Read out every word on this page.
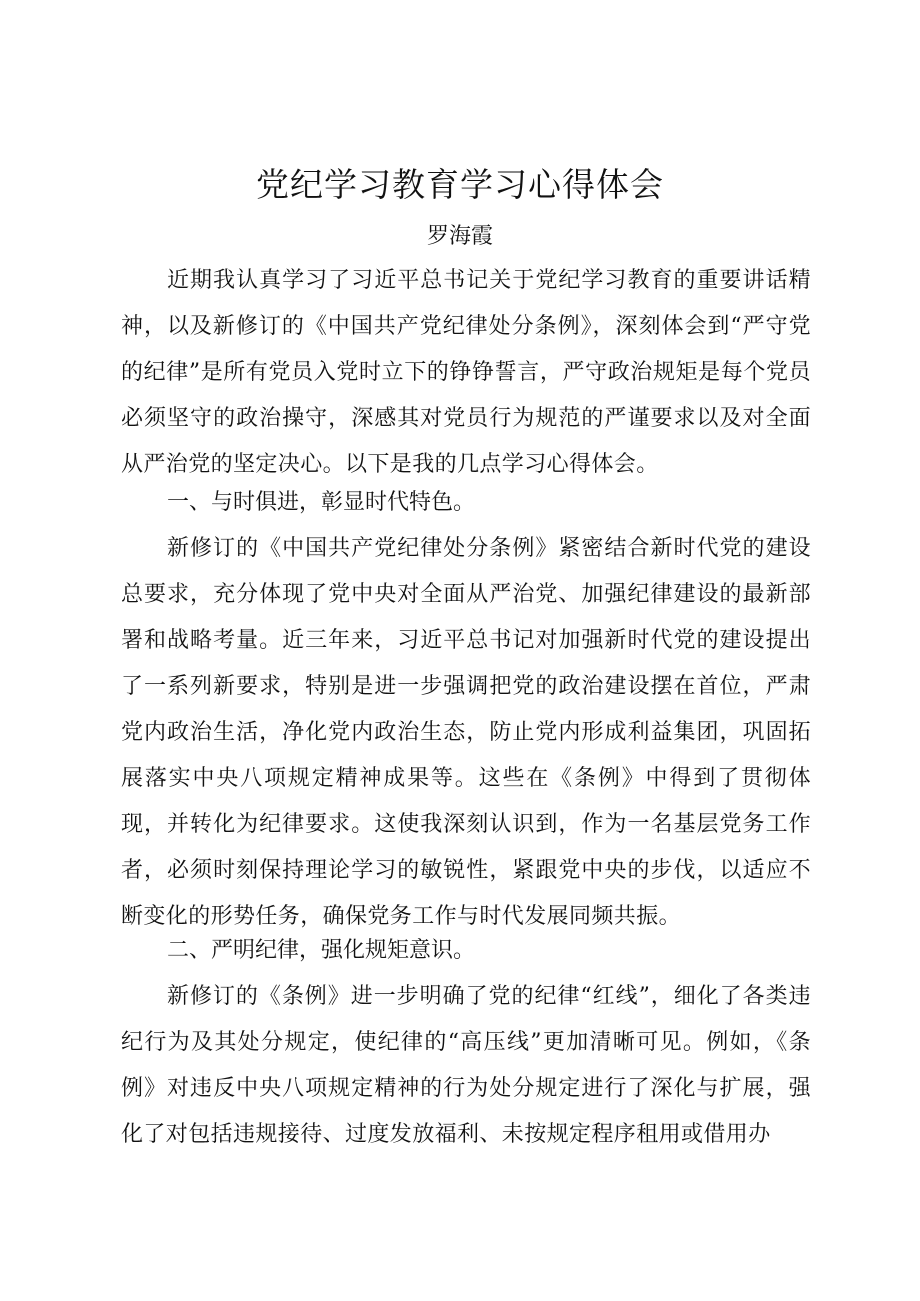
党纪学习教育学习心得体会

罗海霞

近期我认真学习了习近平总书记关于党纪学习教育的重要讲话精神，以及新修订的《中国共产党纪律处分条例》，深刻体会到“严守党的纪律”是所有党员入党时立下的铮铮誓言，严守政治规矩是每个党员必须坚守的政治操守，深感其对党员行为规范的严谨要求以及对全面从严治党的坚定决心。以下是我的几点学习心得体会。

一、与时俱进，彰显时代特色。

新修订的《中国共产党纪律处分条例》紧密结合新时代党的建设总要求，充分体现了党中央对全面从严治党、加强纪律建设的最新部署和战略考量。近三年来，习近平总书记对加强新时代党的建设提出了一系列新要求，特别是进一步强调把党的政治建设摆在首位，严肃党内政治生活，净化党内政治生态，防止党内形成利益集团，巩固拓展落实中央八项规定精神成果等。这些在《条例》中得到了贯彻体现，并转化为纪律要求。这使我深刻认识到，作为一名基层党务工作者，必须时刻保持理论学习的敏锐性，紧跟党中央的步伐，以适应不断变化的形势任务，确保党务工作与时代发展同频共振。

二、严明纪律，强化规矩意识。

新修订的《条例》进一步明确了党的纪律“红线”，细化了各类违纪行为及其处分规定，使纪律的“高压线”更加清晰可见。例如，《条例》对违反中央八项规定精神的行为处分规定进行了深化与扩展，强化了对包括违规接待、过度发放福利、未按规定程序租用或借用办
